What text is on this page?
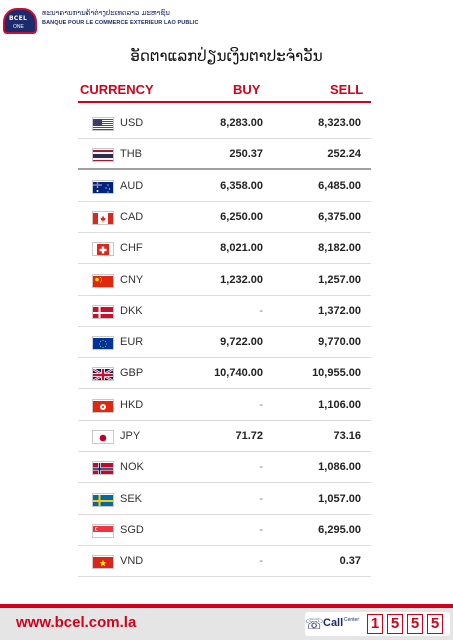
BCEL
ONE
ທະນາຄານການຄ້າຕ່າງປະເທດລາວ ມະຫາຊົນ
BANQUE POUR LE COMMERCE EXTERIEUR LAO PUBLIC
ອັດຕາແລກປ່ຽນເງິນຕາປະຈຳວັນ
CURRENCY	BUY	SELL
USD	8,283.00	8,323.00
THB	250.37	252.24
AUD	6,358.00	6,485.00
CAD	6,250.00	6,375.00
CHF	8,021.00	8,182.00
CNY	1,232.00	1,257.00
DKK	-	1,372.00
EUR	9,722.00	9,770.00
GBP	10,740.00	10,955.00
HKD	-	1,106.00
JPY	71.72	73.16
NOK	-	1,086.00
SEK	-	1,057.00
SGD	-	6,295.00
VND	-	0.37
www.bcel.com.la	☏ Call Center 1 5 5 5
